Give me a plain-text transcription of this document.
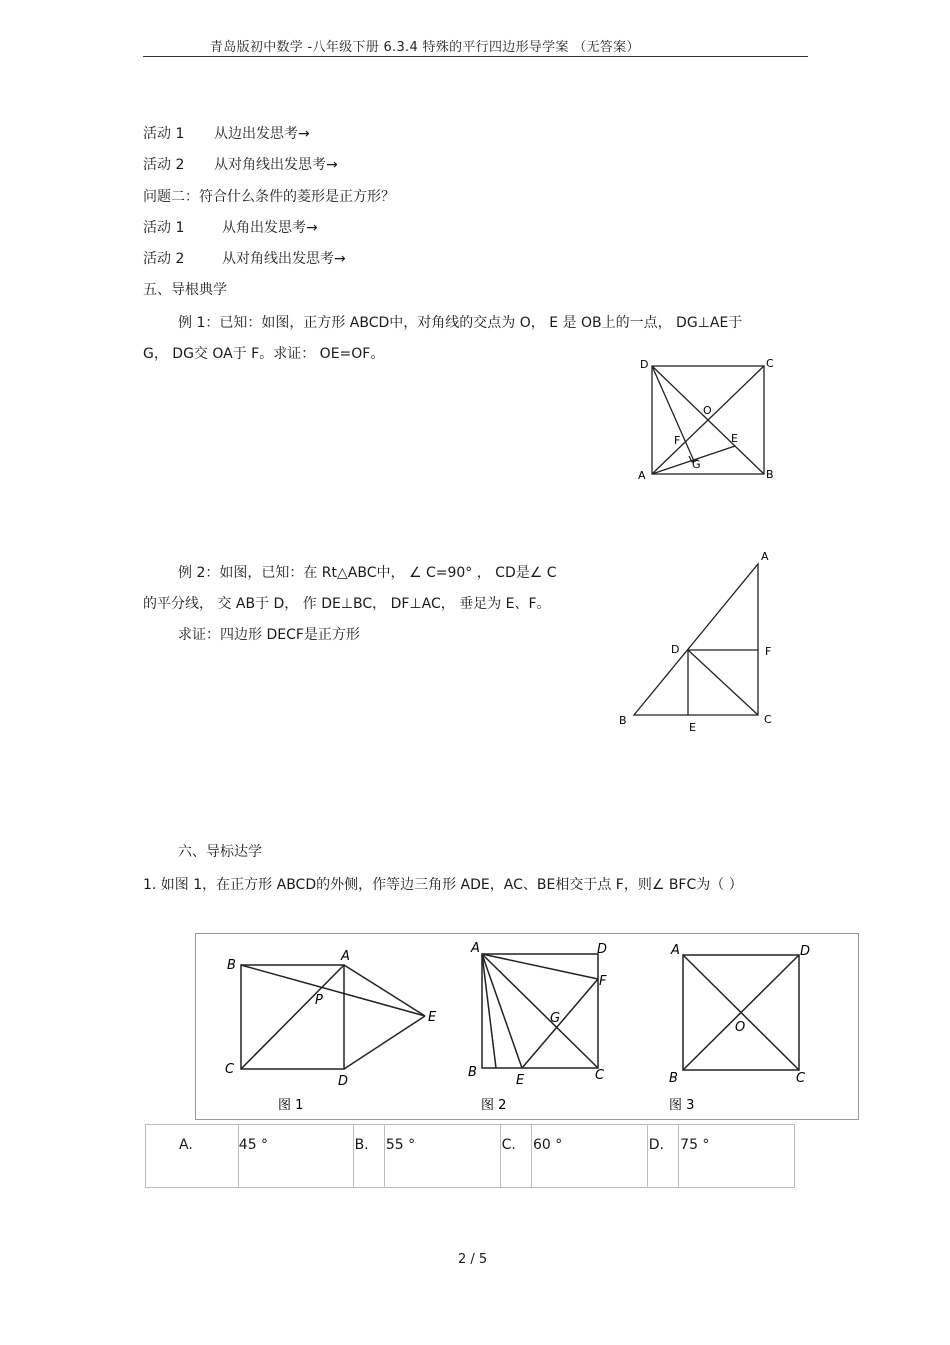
青岛版初中数学 -八年级下册 6.3.4 特殊的平行四边形导学案 （无答案）
活动 1 从边出发思考→
活动 2 从对角线出发思考→
问题二：符合什么条件的菱形是正方形？
活动 1	从角出发思考→
活动 2	从对角线出发思考→
五、导根典学
例 1：已知：如图，正方形 ABCD中，对角线的交点为 O， E 是 OB上的一点， DG⊥AE于
G， DG交 OA于 F。求证： OE=OF。
D	C
O
F	E
A
G
B
例 2：如图，已知：在 Rt△ABC中， ∠ C=90° ， CD是∠ C
的平分线， 交 AB于 D， 作 DE⊥BC， DF⊥AC， 垂足为 E、F。
求证：四边形 DECF是正方形
A
D	F
B
E
C
六、导标达学
1. 如图 1，在正方形 ABCD的外侧，作等边三角形 ADE，AC、BE相交于点 F，则∠ BFC为（ ）
B
A
P
E
C
D
图 1
A	D
F
G
B
E	C
图 2
A	D
O
B	C
图 3
A.	45 °	B.	55 °	C.	60 °	D.	75 °
2 / 5
